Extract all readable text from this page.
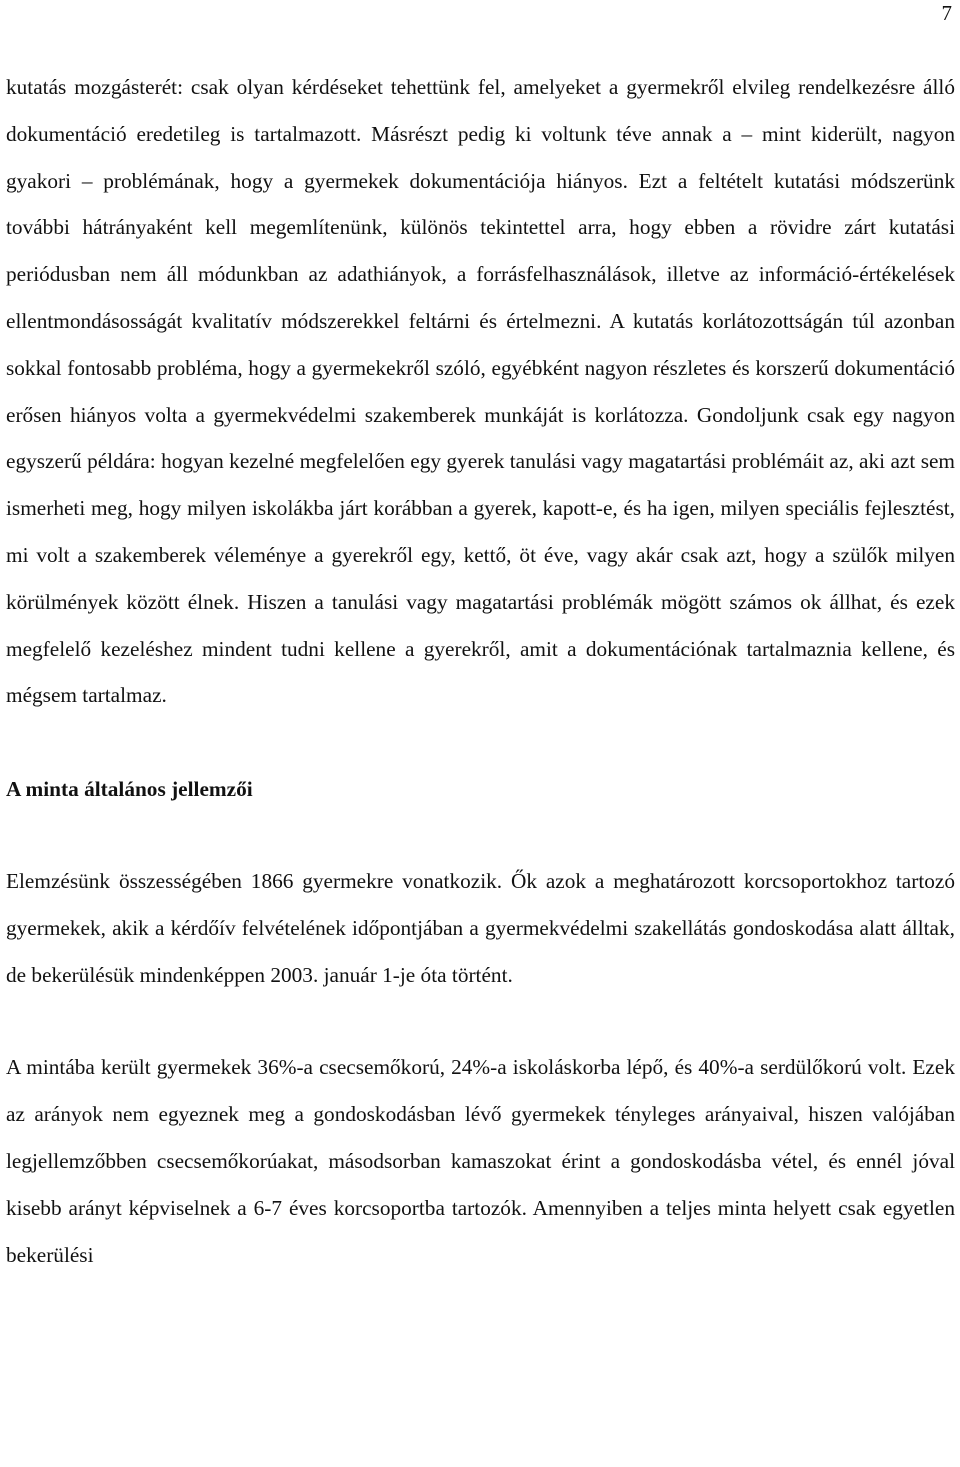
7

kutatás mozgásterét: csak olyan kérdéseket tehettünk fel, amelyeket a gyermekről elvileg rendelkezésre álló dokumentáció eredetileg is tartalmazott. Másrészt pedig ki voltunk téve annak a – mint kiderült, nagyon gyakori – problémának, hogy a gyermekek dokumentációja hiányos. Ezt a feltételt kutatási módszerünk további hátrányaként kell megemlítenünk, különös tekintettel arra, hogy ebben a rövidre zárt kutatási periódusban nem áll módunkban az adathiányok, a forrásfelhasználások, illetve az információ-értékelések ellentmondásosságát kvalitatív módszerekkel feltárni és értelmezni. A kutatás korlátozottságán túl azonban sokkal fontosabb probléma, hogy a gyermekekről szóló, egyébként nagyon részletes és korszerű dokumentáció erősen hiányos volta a gyermekvédelmi szakemberek munkáját is korlátozza. Gondoljunk csak egy nagyon egyszerű példára: hogyan kezelné megfelelően egy gyerek tanulási vagy magatartási problémáit az, aki azt sem ismerheti meg, hogy milyen iskolákba járt korábban a gyerek, kapott-e, és ha igen, milyen speciális fejlesztést, mi volt a szakemberek véleménye a gyerekről egy, kettő, öt éve, vagy akár csak azt, hogy a szülők milyen körülmények között élnek. Hiszen a tanulási vagy magatartási problémák mögött számos ok állhat, és ezek megfelelő kezeléshez mindent tudni kellene a gyerekről, amit a dokumentációnak tartalmaznia kellene, és mégsem tartalmaz.

A minta általános jellemzői

Elemzésünk összességében 1866 gyermekre vonatkozik. Ők azok a meghatározott korcsoportokhoz tartozó gyermekek, akik a kérdőív felvételének időpontjában a gyermekvédelmi szakellátás gondoskodása alatt álltak, de bekerülésük mindenképpen 2003. január 1-je óta történt.

A mintába került gyermekek 36%-a csecsemőkorú, 24%-a iskoláskorba lépő, és 40%-a serdülőkorú volt. Ezek az arányok nem egyeznek meg a gondoskodásban lévő gyermekek tényleges arányaival, hiszen valójában legjellemzőbben csecsemőkorúakat, másodsorban kamaszokat érint a gondoskodásba vétel, és ennél jóval kisebb arányt képviselnek a 6-7 éves korcsoportba tartozók. Amennyiben a teljes minta helyett csak egyetlen bekerülési
